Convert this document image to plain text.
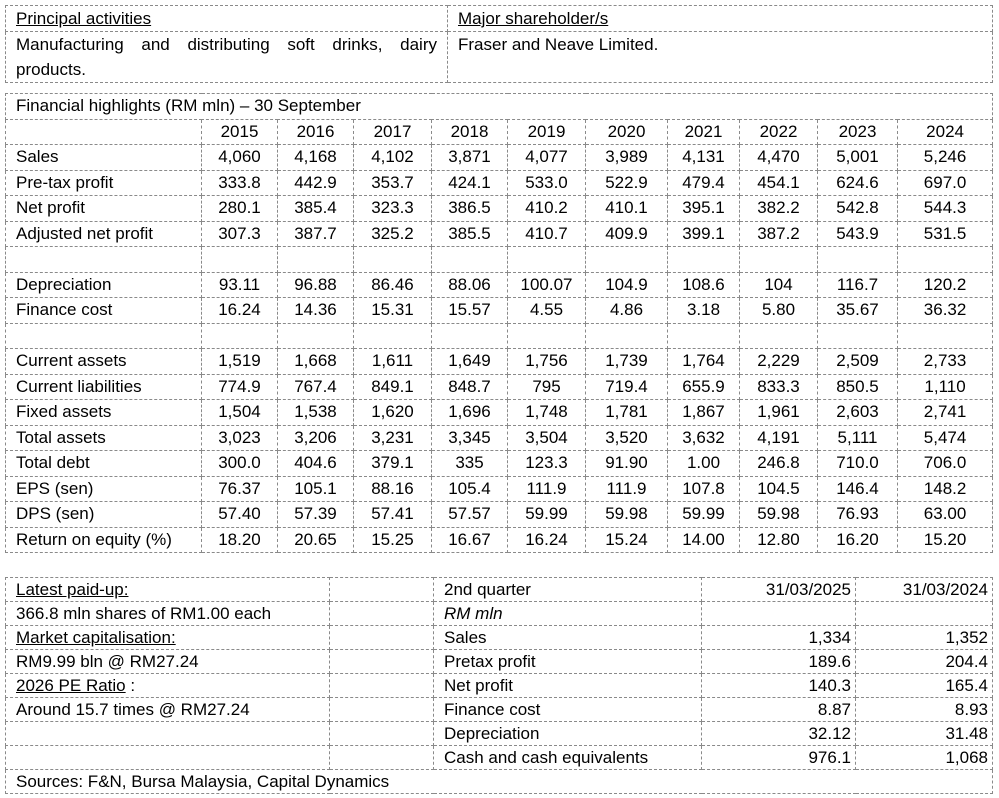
Principal activities	Major shareholder/s
Manufacturing and distributing soft drinks, dairy products.	Fraser and Neave Limited.
Financial highlights (RM mln) – 30 September										
	2015	2016	2017	2018	2019	2020	2021	2022	2023	2024
Sales	4,060	4,168	4,102	3,871	4,077	3,989	4,131	4,470	5,001	5,246
Pre-tax profit	333.8	442.9	353.7	424.1	533.0	522.9	479.4	454.1	624.6	697.0
Net profit	280.1	385.4	323.3	386.5	410.2	410.1	395.1	382.2	542.8	544.3
Adjusted net profit	307.3	387.7	325.2	385.5	410.7	409.9	399.1	387.2	543.9	531.5

Depreciation	93.11	96.88	86.46	88.06	100.07	104.9	108.6	104	116.7	120.2
Finance cost	16.24	14.36	15.31	15.57	4.55	4.86	3.18	5.80	35.67	36.32

Current assets	1,519	1,668	1,611	1,649	1,756	1,739	1,764	2,229	2,509	2,733
Current liabilities	774.9	767.4	849.1	848.7	795	719.4	655.9	833.3	850.5	1,110
Fixed assets	1,504	1,538	1,620	1,696	1,748	1,781	1,867	1,961	2,603	2,741
Total assets	3,023	3,206	3,231	3,345	3,504	3,520	3,632	4,191	5,111	5,474
Total debt	300.0	404.6	379.1	335	123.3	91.90	1.00	246.8	710.0	706.0
EPS (sen)	76.37	105.1	88.16	105.4	111.9	111.9	107.8	104.5	146.4	148.2
DPS (sen)	57.40	57.39	57.41	57.57	59.99	59.98	59.99	59.98	76.93	63.00
Return on equity (%)	18.20	20.65	15.25	16.67	16.24	15.24	14.00	12.80	16.20	15.20
Latest paid-up:		2nd quarter	31/03/2025	31/03/2024
366.8 mln shares of RM1.00 each		RM mln		
Market capitalisation:		Sales	1,334	1,352
RM9.99 bln @ RM27.24		Pretax profit	189.6	204.4
2026 PE Ratio :		Net profit	140.3	165.4
Around 15.7 times @ RM27.24		Finance cost	8.87	8.93
		Depreciation	32.12	31.48
		Cash and cash equivalents	976.1	1,068
Sources: F&N, Bursa Malaysia, Capital Dynamics				
